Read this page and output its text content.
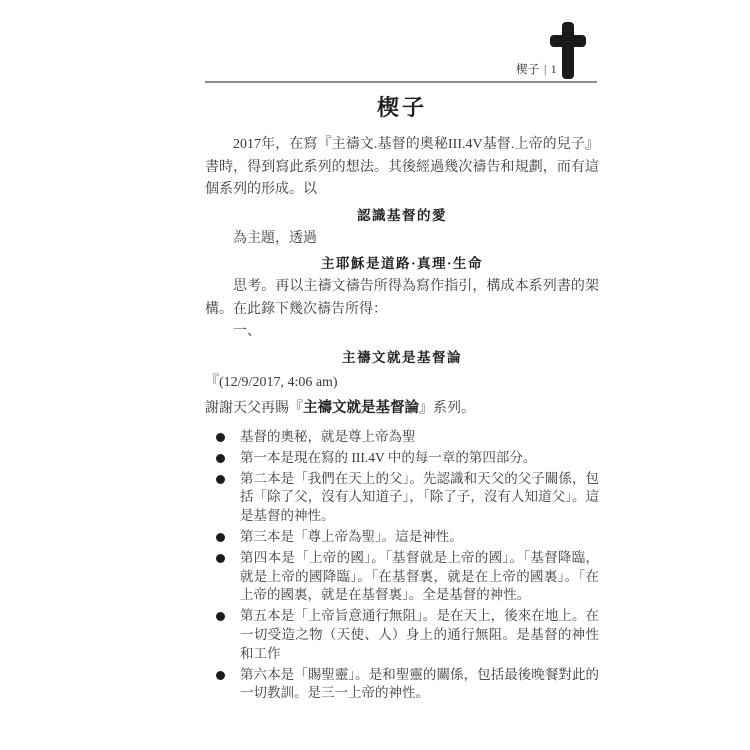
楔子 | 1
楔子

2017年，在寫『主禱文.基督的奧秘III.4V基督.上帝的兒子』書時，得到寫此系列的想法。其後經過幾次禱告和規劃，而有這個系列的形成。以

認識基督的愛

為主題，透過

主耶穌是道路·真理·生命

思考。再以主禱文禱告所得為寫作指引，構成本系列書的架構。在此錄下幾次禱告所得：

一、

主禱文就是基督論

『(12/9/2017, 4:06 am)

謝謝天父再賜『主禱文就是基督論』系列。

基督的奧秘，就是尊上帝為聖
第一本是現在寫的 III.4V 中的每一章的第四部分。
第二本是「我們在天上的父」。先認識和天父的父子關係，包括「除了父，沒有人知道子」，「除了子，沒有人知道父」。這是基督的神性。
第三本是「尊上帝為聖」。這是神性。
第四本是「上帝的國」。「基督就是上帝的國」。「基督降臨，就是上帝的國降臨」。「在基督裏，就是在上帝的國裏」。「在上帝的國裏，就是在基督裏」。全是基督的神性。
第五本是「上帝旨意通行無阻」。是在天上，後來在地上。在一切受造之物（天使、人）身上的通行無阻。是基督的神性和工作
第六本是「賜聖靈」。是和聖靈的關係，包括最後晚餐對此的一切教訓。是三一上帝的神性。
